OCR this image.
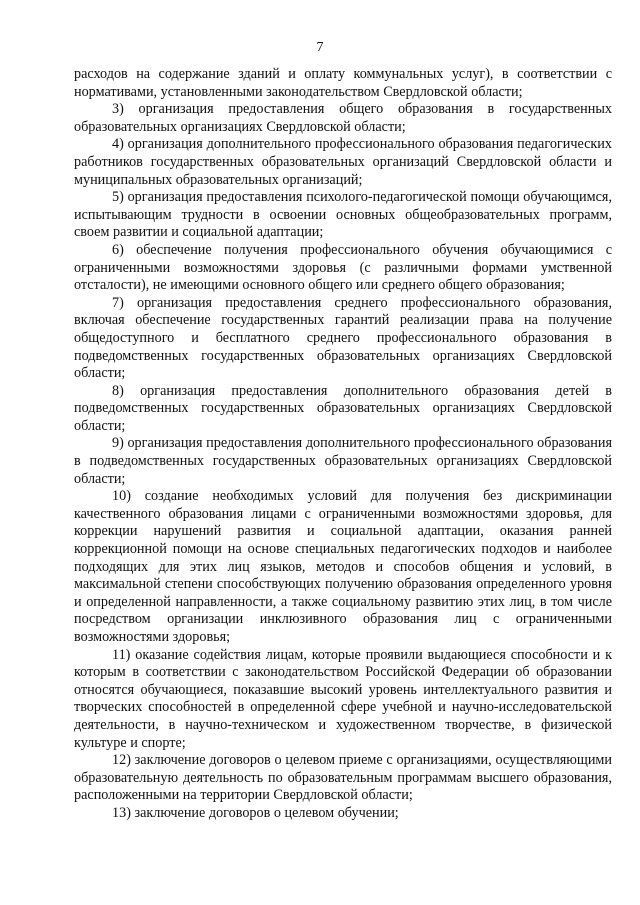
7

расходов на содержание зданий и оплату коммунальных услуг), в соответствии с нормативами, установленными законодательством Свердловской области;

3) организация предоставления общего образования в государственных образовательных организациях Свердловской области;

4) организация дополнительного профессионального образования педагогических работников государственных образовательных организаций Свердловской области и муниципальных образовательных организаций;

5) организация предоставления психолого-педагогической помощи обучающимся, испытывающим трудности в освоении основных общеобразовательных программ, своем развитии и социальной адаптации;

6) обеспечение получения профессионального обучения обучающимися с ограниченными возможностями здоровья (с различными формами умственной отсталости), не имеющими основного общего или среднего общего образования;

7) организация предоставления среднего профессионального образования, включая обеспечение государственных гарантий реализации права на получение общедоступного и бесплатного среднего профессионального образования в подведомственных государственных образовательных организациях Свердловской области;

8) организация предоставления дополнительного образования детей в подведомственных государственных образовательных организациях Свердловской области;

9) организация предоставления дополнительного профессионального образования в подведомственных государственных образовательных организациях Свердловской области;

10) создание необходимых условий для получения без дискриминации качественного образования лицами с ограниченными возможностями здоровья, для коррекции нарушений развития и социальной адаптации, оказания ранней коррекционной помощи на основе специальных педагогических подходов и наиболее подходящих для этих лиц языков, методов и способов общения и условий, в максимальной степени способствующих получению образования определенного уровня и определенной направленности, а также социальному развитию этих лиц, в том числе посредством организации инклюзивного образования лиц с ограниченными возможностями здоровья;

11) оказание содействия лицам, которые проявили выдающиеся способности и к которым в соответствии с законодательством Российской Федерации об образовании относятся обучающиеся, показавшие высокий уровень интеллектуального развития и творческих способностей в определенной сфере учебной и научно-исследовательской деятельности, в научно-техническом и художественном творчестве, в физической культуре и спорте;

12) заключение договоров о целевом приеме с организациями, осуществляющими образовательную деятельность по образовательным программам высшего образования, расположенными на территории Свердловской области;

13) заключение договоров о целевом обучении;
